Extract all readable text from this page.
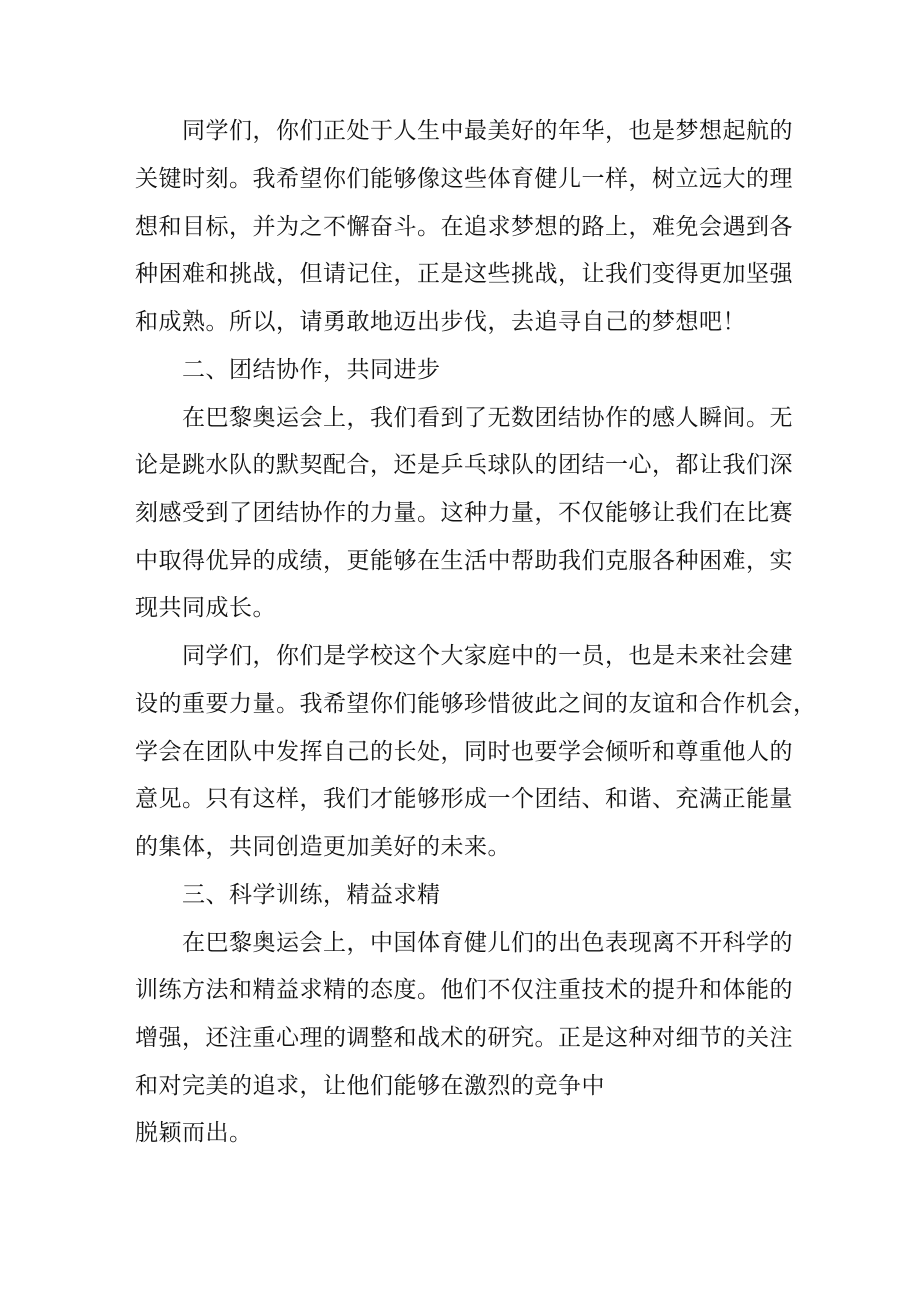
同学们，你们正处于人生中最美好的年华，也是梦想起航的
关键时刻。我希望你们能够像这些体育健儿一样，树立远大的理
想和目标，并为之不懈奋斗。在追求梦想的路上，难免会遇到各
种困难和挑战，但请记住，正是这些挑战，让我们变得更加坚强
和成熟。所以，请勇敢地迈出步伐，去追寻自己的梦想吧！
二、团结协作，共同进步
在巴黎奥运会上，我们看到了无数团结协作的感人瞬间。无
论是跳水队的默契配合，还是乒乓球队的团结一心，都让我们深
刻感受到了团结协作的力量。这种力量，不仅能够让我们在比赛
中取得优异的成绩，更能够在生活中帮助我们克服各种困难，实
现共同成长。
同学们，你们是学校这个大家庭中的一员，也是未来社会建
设的重要力量。我希望你们能够珍惜彼此之间的友谊和合作机会，
学会在团队中发挥自己的长处，同时也要学会倾听和尊重他人的
意见。只有这样，我们才能够形成一个团结、和谐、充满正能量
的集体，共同创造更加美好的未来。
三、科学训练，精益求精
在巴黎奥运会上，中国体育健儿们的出色表现离不开科学的
训练方法和精益求精的态度。他们不仅注重技术的提升和体能的
增强，还注重心理的调整和战术的研究。正是这种对细节的关注
和对完美的追求，让他们能够在激烈的竞争中
脱颖而出。
